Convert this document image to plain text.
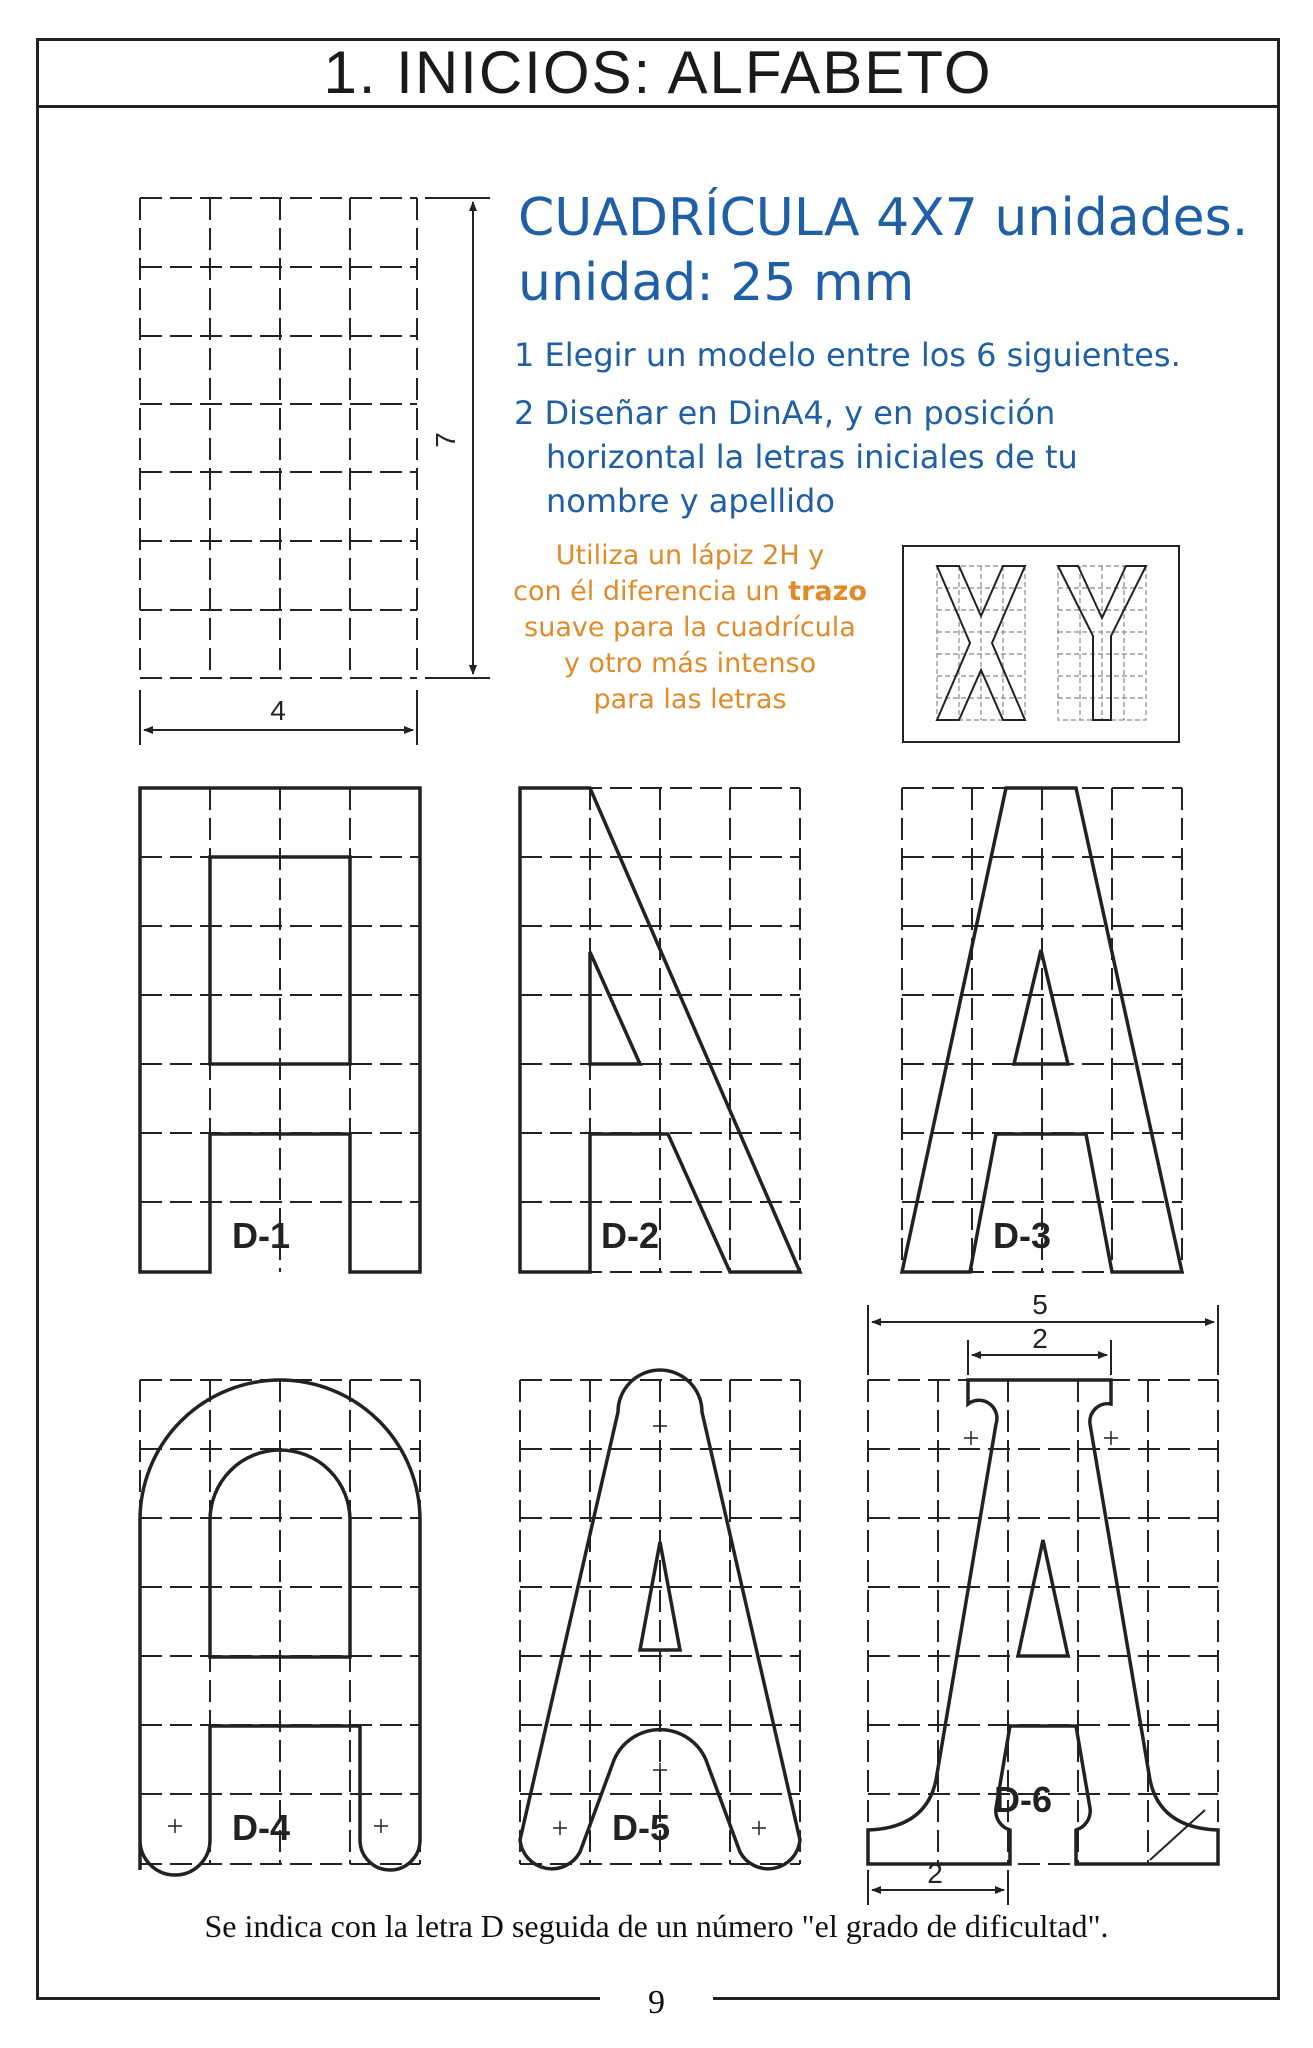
1. INICIOS: ALFABETO
CUADRÍCULA 4X7 unidades.
unidad: 25 mm
1 Elegir un modelo entre los 6 siguientes.
2 Diseñar en DinA4, y en posición
horizontal la letras iniciales de tu
nombre y apellido
Utiliza un lápiz 2H y
con él diferencia un trazo
suave para la cuadrícula
y otro más intenso
para las letras
4
7
5
2
2
D-1	D-2	D-3
D-4	D-5
D-6
Se indica con la letra D seguida de un número "el grado de dificultad".
9
